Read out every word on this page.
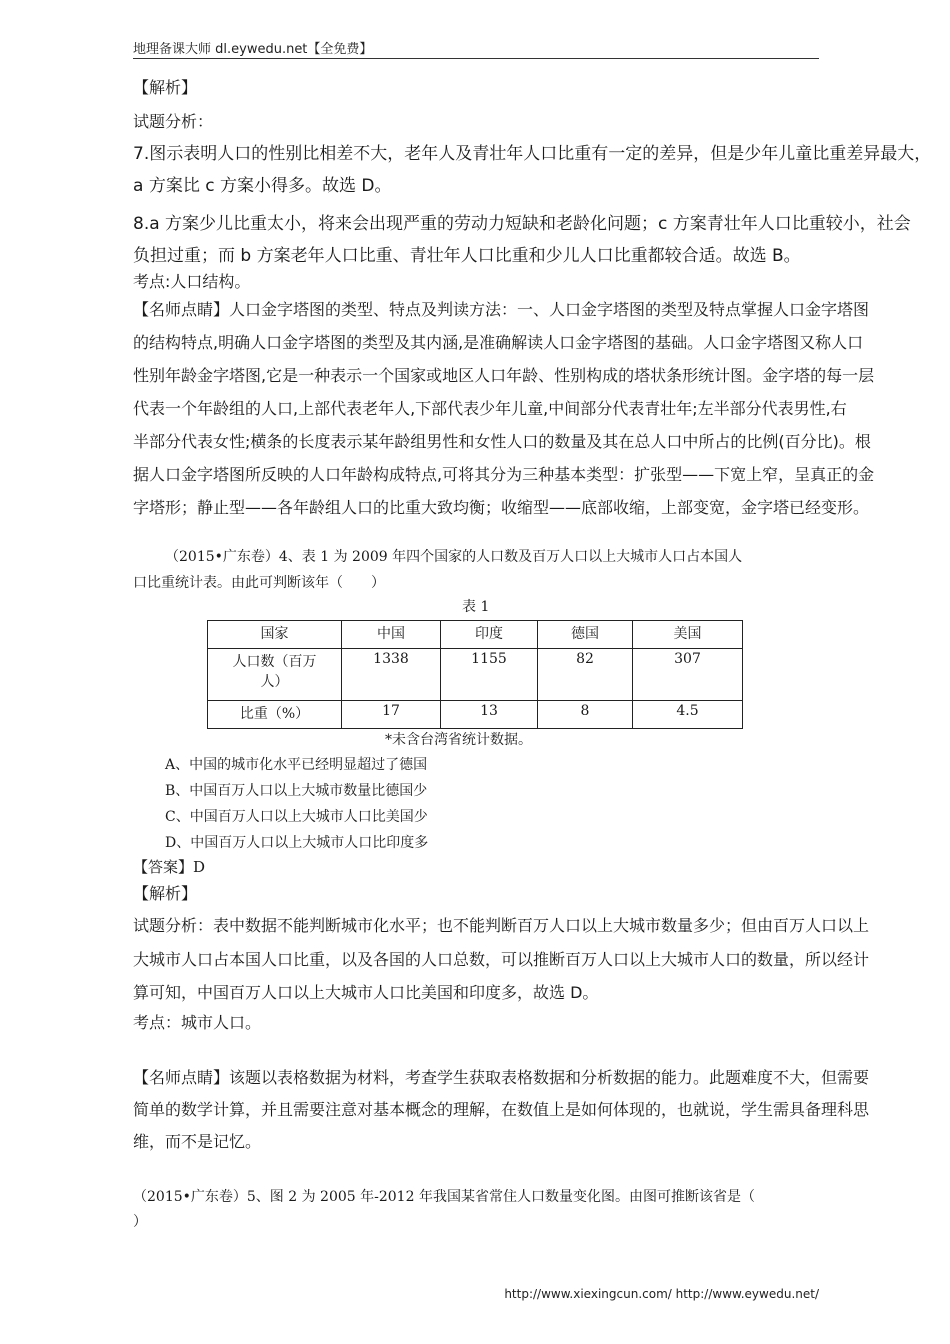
地理备课大师 dl.eywedu.net【全免费】
【解析】
试题分析：
7.图示表明人口的性别比相差不大，老年人及青壮年人口比重有一定的差异，但是少年儿童比重差异最大，
a 方案比 c 方案小得多。故选 D。
8.a 方案少儿比重太小，将来会出现严重的劳动力短缺和老龄化问题；c 方案青壮年人口比重较小，社会
负担过重；而 b 方案老年人口比重、青壮年人口比重和少儿人口比重都较合适。故选 B。
考点:人口结构。
【名师点睛】人口金字塔图的类型、特点及判读方法：一、人口金字塔图的类型及特点掌握人口金字塔图
的结构特点,明确人口金字塔图的类型及其内涵,是准确解读人口金字塔图的基础。人口金字塔图又称人口
性别年龄金字塔图,它是一种表示一个国家或地区人口年龄、性别构成的塔状条形统计图。金字塔的每一层
代表一个年龄组的人口,上部代表老年人,下部代表少年儿童,中间部分代表青壮年;左半部分代表男性,右
半部分代表女性;横条的长度表示某年龄组男性和女性人口的数量及其在总人口中所占的比例(百分比)。根
据人口金字塔图所反映的人口年龄构成特点,可将其分为三种基本类型：扩张型——下宽上窄，呈真正的金
字塔形；静止型——各年龄组人口的比重大致均衡；收缩型——底部收缩，上部变宽，金字塔已经变形。
（2015•广东卷）4、表 1 为 2009 年四个国家的人口数及百万人口以上大城市人口占本国人
口比重统计表。由此可判断该年（　　）
表 1
国家	中国	印度	德国	美国
人口数（百万
人）	1338	1155	82	307
比重（%）	17	13	8	4.5
*未含台湾省统计数据。
A、中国的城市化水平已经明显超过了德国
B、中国百万人口以上大城市数量比德国少
C、中国百万人口以上大城市人口比美国少
D、中国百万人口以上大城市人口比印度多
【答案】D
【解析】
试题分析：表中数据不能判断城市化水平；也不能判断百万人口以上大城市数量多少；但由百万人口以上
大城市人口占本国人口比重，以及各国的人口总数，可以推断百万人口以上大城市人口的数量，所以经计
算可知，中国百万人口以上大城市人口比美国和印度多，故选 D。
考点：城市人口。
【名师点睛】该题以表格数据为材料，考查学生获取表格数据和分析数据的能力。此题难度不大，但需要
简单的数学计算，并且需要注意对基本概念的理解，在数值上是如何体现的，也就说，学生需具备理科思
维，而不是记忆。
（2015•广东卷）5、图 2 为 2005 年-2012 年我国某省常住人口数量变化图。由图可推断该省是（
）
http://www.xiexingcun.com/ http://www.eywedu.net/
